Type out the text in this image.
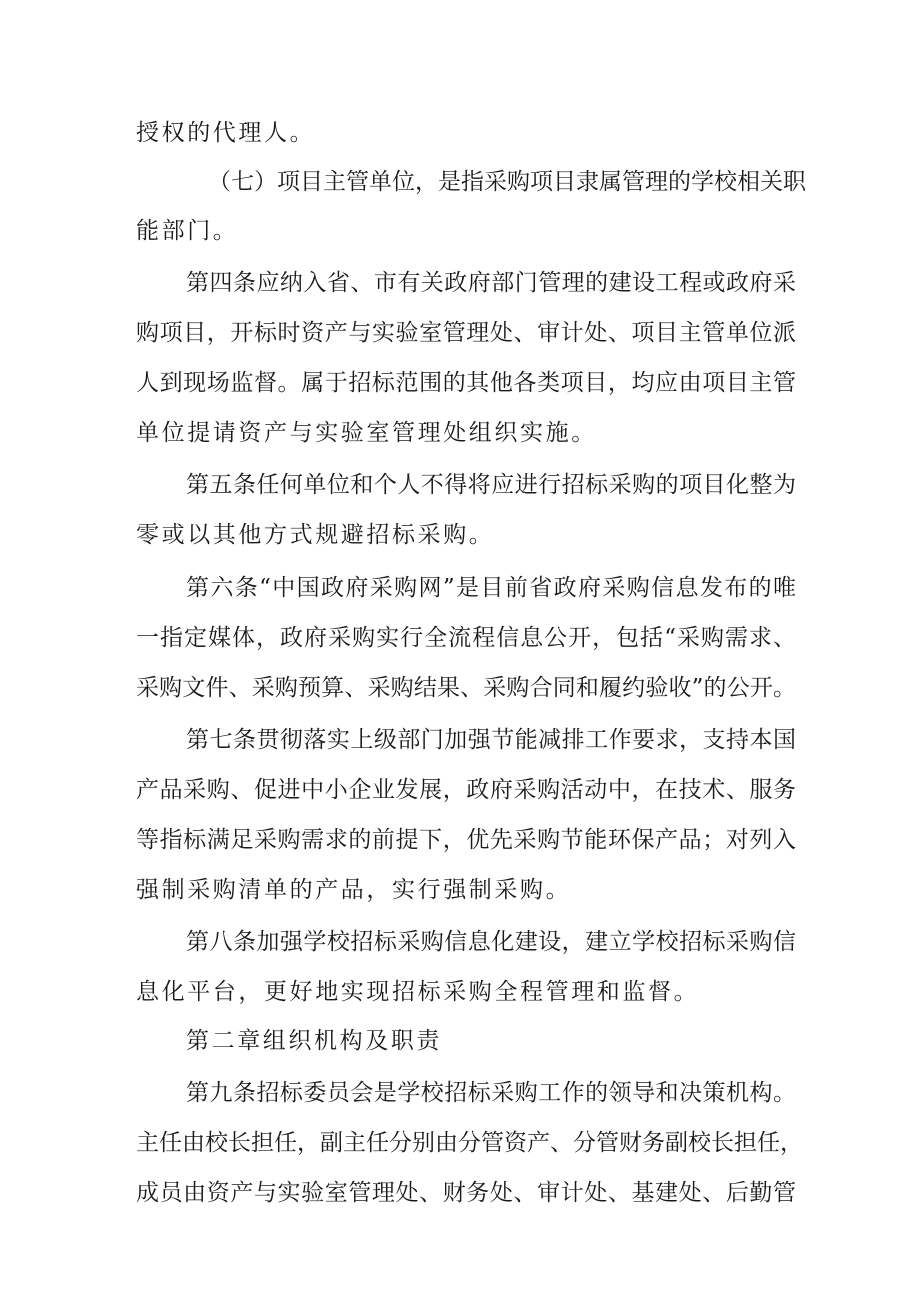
授权的代理人。
（七）项目主管单位，是指采购项目隶属管理的学校相关职
能部门。
第四条应纳入省、市有关政府部门管理的建设工程或政府采
购项目，开标时资产与实验室管理处、审计处、项目主管单位派
人到现场监督。属于招标范围的其他各类项目，均应由项目主管
单位提请资产与实验室管理处组织实施。
第五条任何单位和个人不得将应进行招标采购的项目化整为
零或以其他方式规避招标采购。
第六条“中国政府采购网”是目前省政府采购信息发布的唯
一指定媒体，政府采购实行全流程信息公开，包括“采购需求、
采购文件、采购预算、采购结果、采购合同和履约验收”的公开。
第七条贯彻落实上级部门加强节能减排工作要求，支持本国
产品采购、促进中小企业发展，政府采购活动中，在技术、服务
等指标满足采购需求的前提下，优先采购节能环保产品；对列入
强制采购清单的产品，实行强制采购。
第八条加强学校招标采购信息化建设，建立学校招标采购信
息化平台，更好地实现招标采购全程管理和监督。
第二章组织机构及职责
第九条招标委员会是学校招标采购工作的领导和决策机构。
主任由校长担任，副主任分别由分管资产、分管财务副校长担任，
成员由资产与实验室管理处、财务处、审计处、基建处、后勤管
